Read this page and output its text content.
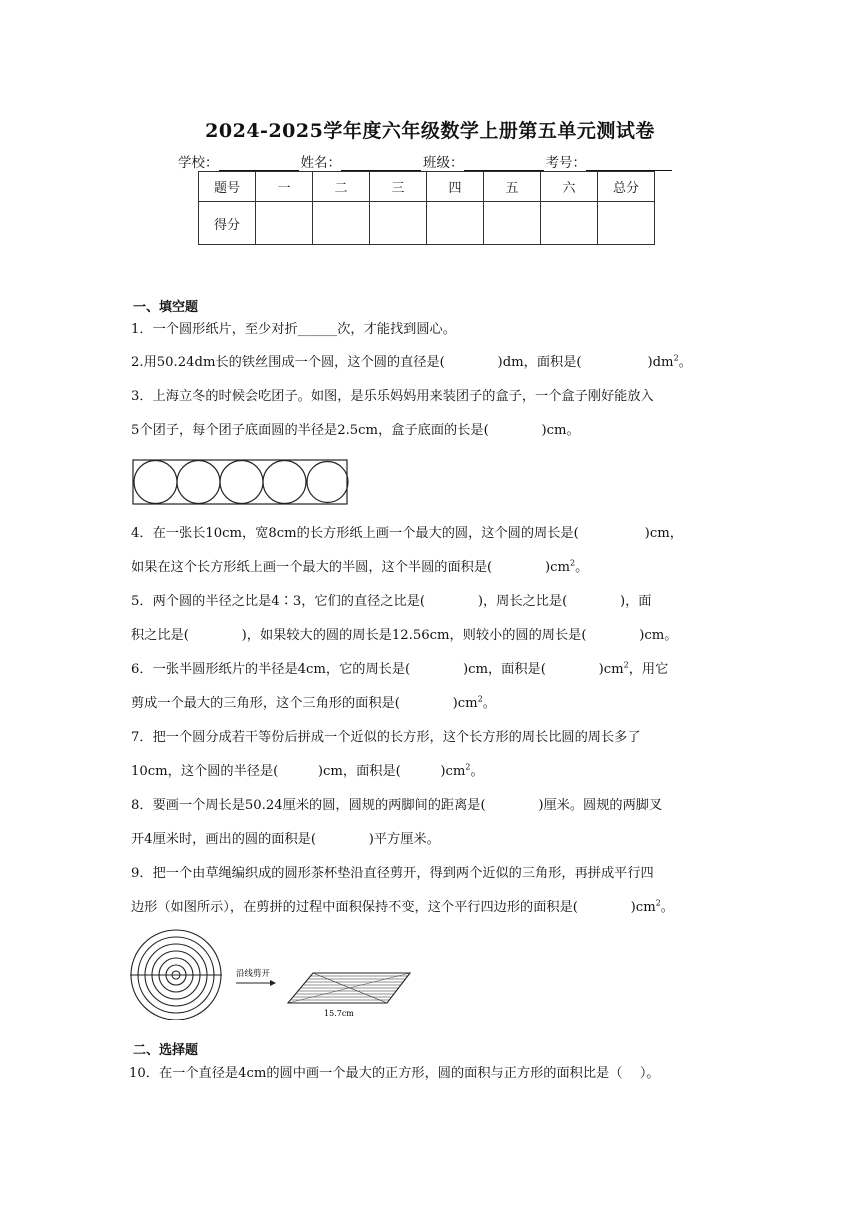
2024-2025学年度六年级数学上册第五单元测试卷
学校：	姓名：	班级：	考号：
题号	一	二	三	四	五	六	总分
得分							
一、填空题
1．一个圆形纸片，至少对折______次，才能找到圆心。
2.用50.24dm长的铁丝围成一个圆，这个圆的直径是(　　　　)dm，面积是(　　　　　)$dm^2$。
3．上海立冬的时候会吃团子。如图，是乐乐妈妈用来装团子的盒子，一个盒子刚好能放入
5个团子，每个团子底面圆的半径是2.5cm，盒子底面的长是(　　　　)cm。
4．在一张长10cm，宽8cm的长方形纸上画一个最大的圆，这个圆的周长是(　　　　　)cm，
如果在这个长方形纸上画一个最大的半圆，这个半圆的面积是(　　　　)$cm^2$。
5．两个圆的半径之比是4∶3，它们的直径之比是(　　　　)，周长之比是(　　　　)，面
积之比是(　　　　)，如果较大的圆的周长是12.56cm，则较小的圆的周长是(　　　　)cm。
6．一张半圆形纸片的半径是4cm，它的周长是(　　　　)cm，面积是(　　　　)$cm^2$，用它
剪成一个最大的三角形，这个三角形的面积是(　　　　)$cm^2$。
7．把一个圆分成若干等份后拼成一个近似的长方形，这个长方形的周长比圆的周长多了
10cm，这个圆的半径是(　　　)cm，面积是(　　　)$cm^2$。
8．要画一个周长是50.24厘米的圆，圆规的两脚间的距离是(　　　　)厘米。圆规的两脚叉
开4厘米时，画出的圆的面积是(　　　　)平方厘米。
9．把一个由草绳编织成的圆形茶杯垫沿直径剪开，得到两个近似的三角形，再拼成平行四
边形（如图所示），在剪拼的过程中面积保持不变，这个平行四边形的面积是(　　　　)$cm^2$。
沿线剪开
15.7cm
二、选择题
10．在一个直径是4cm的圆中画一个最大的正方形，圆的面积与正方形的面积比是（　 ）。
